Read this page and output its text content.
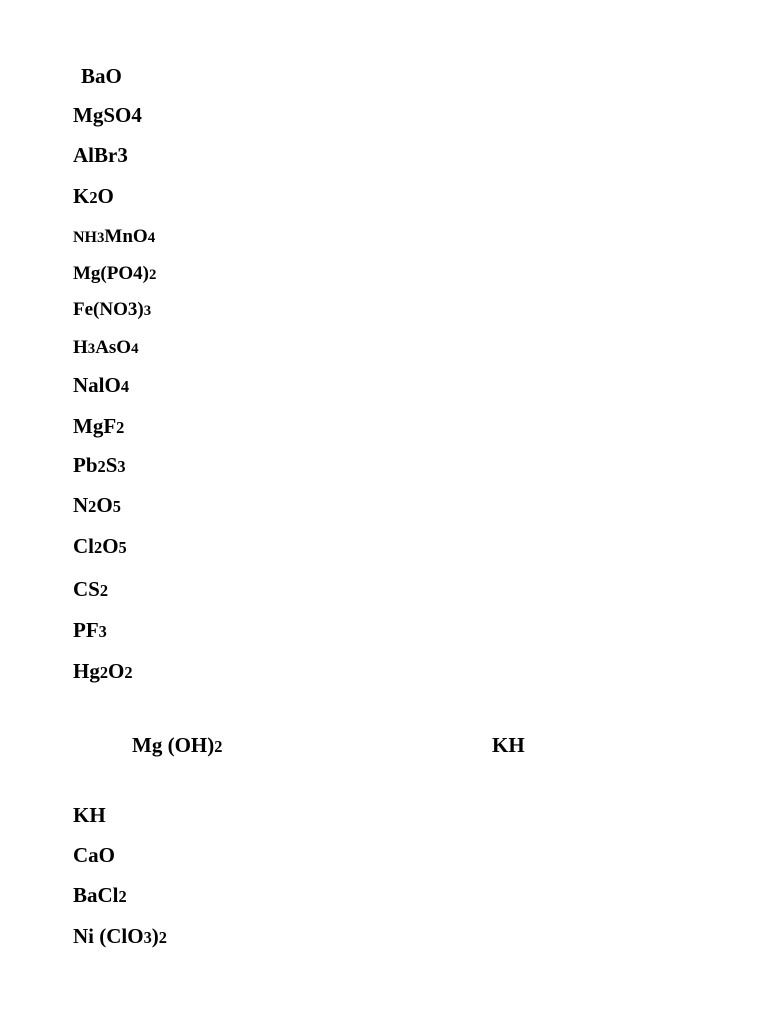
BaO
MgSO4
AlBr3
K2O
NH3MnO4
Mg(PO4)2
Fe(NO3)3
H3AsO4
NalO4
MgF2
Pb2S3
N2O5
Cl2O5
CS2
PF3
Hg2O2
Mg (OH)2	KH
KH
CaO
BaCl2
Ni (ClO3)2
